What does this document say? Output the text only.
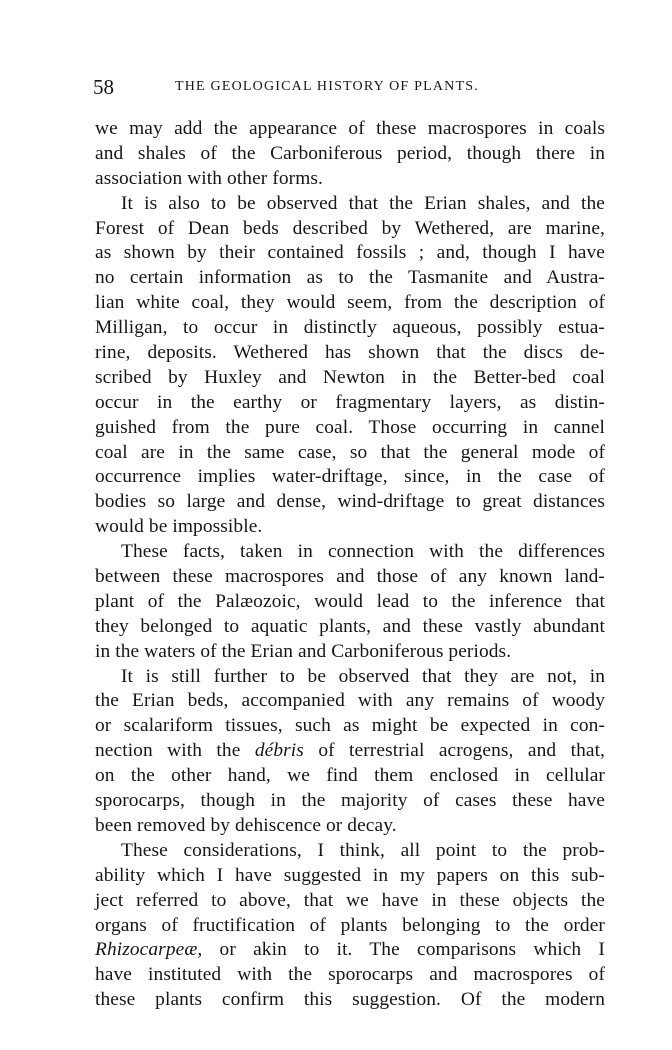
58	THE GEOLOGICAL HISTORY OF PLANTS.
we may add the appearance of these macrospores in coals
and shales of the Carboniferous period, though there in
association with other forms.
It is also to be observed that the Erian shales, and the
Forest of Dean beds described by Wethered, are marine,
as shown by their contained fossils ; and, though I have
no certain information as to the Tasmanite and Austra-
lian white coal, they would seem, from the description of
Milligan, to occur in distinctly aqueous, possibly estua-
rine, deposits. Wethered has shown that the discs de-
scribed by Huxley and Newton in the Better-bed coal
occur in the earthy or fragmentary layers, as distin-
guished from the pure coal. Those occurring in cannel
coal are in the same case, so that the general mode of
occurrence implies water-driftage, since, in the case of
bodies so large and dense, wind-driftage to great distances
would be impossible.
These facts, taken in connection with the differences
between these macrospores and those of any known land-
plant of the Palæozoic, would lead to the inference that
they belonged to aquatic plants, and these vastly abundant
in the waters of the Erian and Carboniferous periods.
It is still further to be observed that they are not, in
the Erian beds, accompanied with any remains of woody
or scalariform tissues, such as might be expected in con-
nection with the débris of terrestrial acrogens, and that,
on the other hand, we find them enclosed in cellular
sporocarps, though in the majority of cases these have
been removed by dehiscence or decay.
These considerations, I think, all point to the prob-
ability which I have suggested in my papers on this sub-
ject referred to above, that we have in these objects the
organs of fructification of plants belonging to the order
Rhizocarpeæ, or akin to it. The comparisons which I
have instituted with the sporocarps and macrospores of
these plants confirm this suggestion. Of the modern
